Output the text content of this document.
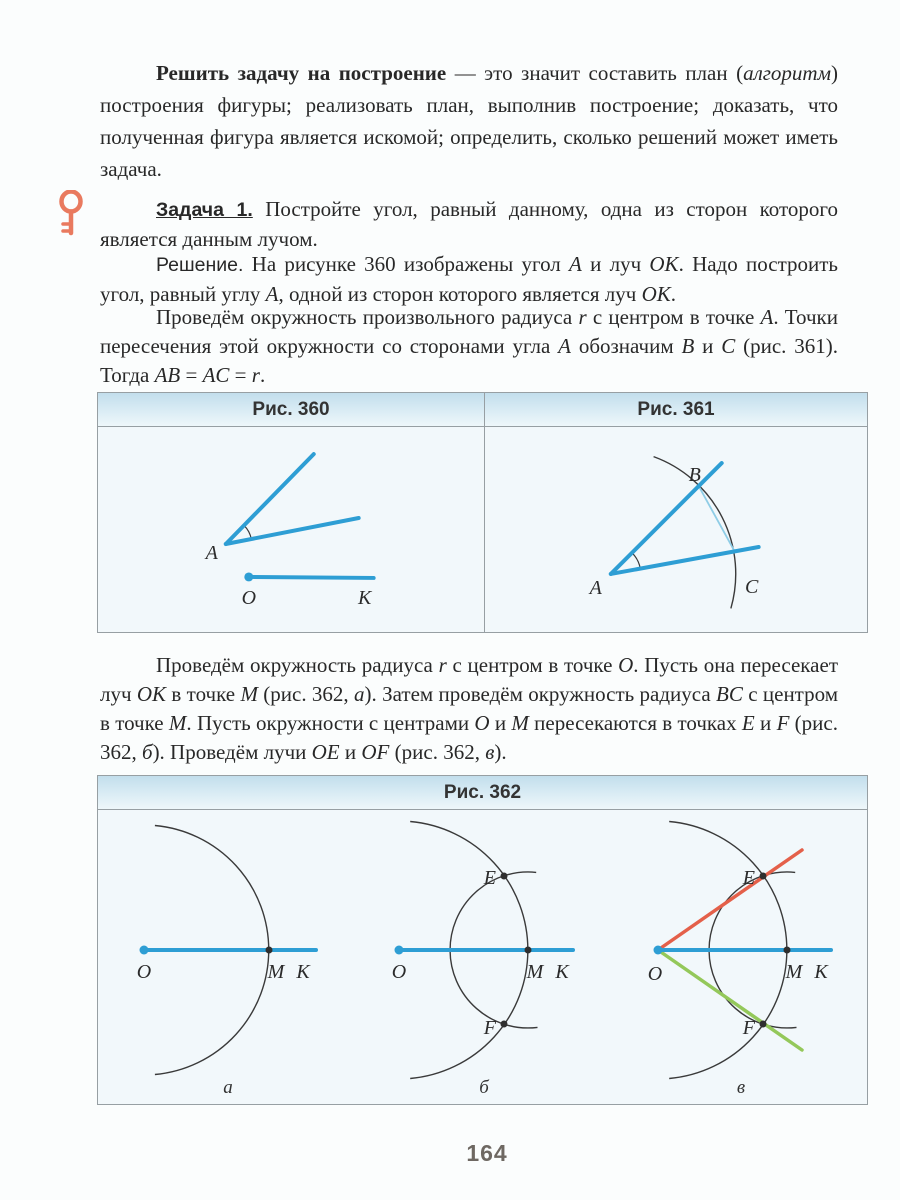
Решить задачу на построение — это значит составить план (алгоритм) построения фигуры; реализовать план, выполнив построение; доказать, что полученная фигура является искомой; определить, сколько решений может иметь задача.

Задача 1. Постройте угол, равный данному, одна из сторон которого является данным лучом.

Решение. На рисунке 360 изображены угол A и луч OK. Надо построить угол, равный углу A, одной из сторон которого является луч OK.

Проведём окружность произвольного радиуса r с центром в точке A. Точки пересечения этой окружности со сторонами угла A обозначим B и C (рис. 361). Тогда AB = AC = r.

Рис. 360	Рис. 361
A
O	K	A
B
C

Проведём окружность радиуса r с центром в точке O. Пусть она пересекает луч OK в точке M (рис. 362, а). Затем проведём окружность радиуса BC с центром в точке M. Пусть окружности с центрами O и M пересекаются в точках E и F (рис. 362, б). Проведём лучи OE и OF (рис. 362, в).

Рис. 362
O	M K
а
E
F
O	M K
б
E
F
O	M K
в
164
